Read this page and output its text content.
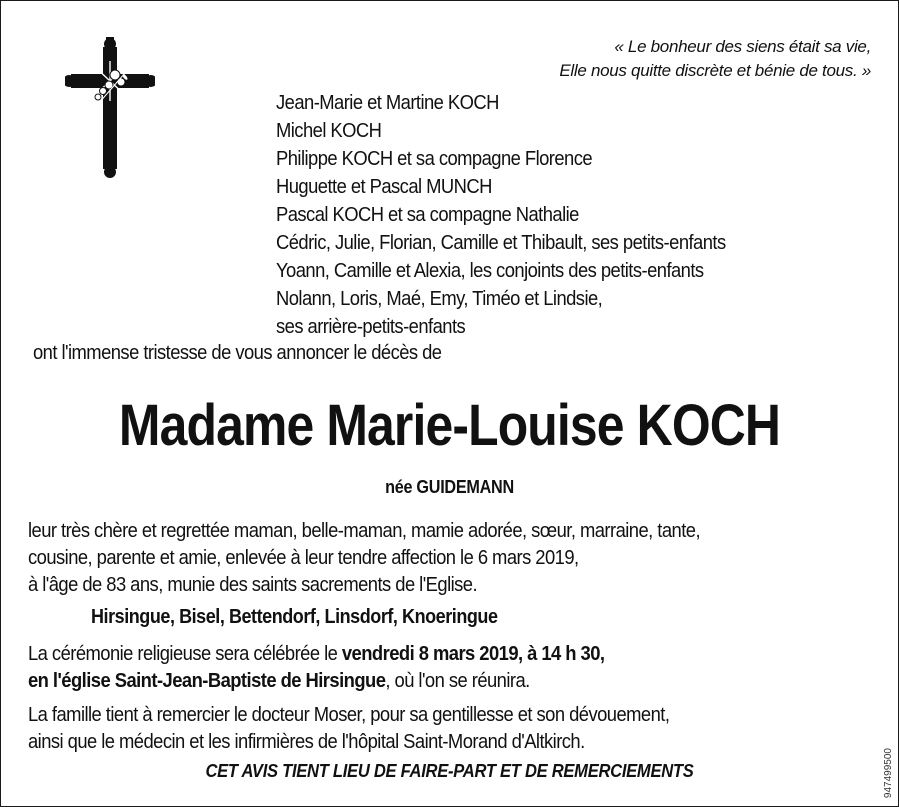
« Le bonheur des siens était sa vie,
Elle nous quitte discrète et bénie de tous. »
Jean-Marie et Martine KOCH
Michel KOCH
Philippe KOCH et sa compagne Florence
Huguette et Pascal MUNCH
Pascal KOCH et sa compagne Nathalie
Cédric, Julie, Florian, Camille et Thibault, ses petits-enfants
Yoann, Camille et Alexia, les conjoints des petits-enfants
Nolann, Loris, Maé, Emy, Timéo et Lindsie,
ses arrière-petits-enfants
ont l'immense tristesse de vous annoncer le décès de
Madame Marie-Louise KOCH
née GUIDEMANN
leur très chère et regrettée maman, belle-maman, mamie adorée, sœur, marraine, tante,
cousine, parente et amie, enlevée à leur tendre affection le 6 mars 2019,
à l'âge de 83 ans, munie des saints sacrements de l'Eglise.
Hirsingue, Bisel, Bettendorf, Linsdorf, Knoeringue
La cérémonie religieuse sera célébrée le vendredi 8 mars 2019, à 14 h 30,
en l'église Saint-Jean-Baptiste de Hirsingue, où l'on se réunira.
La famille tient à remercier le docteur Moser, pour sa gentillesse et son dévouement,
ainsi que le médecin et les infirmières de l'hôpital Saint-Morand d'Altkirch.
CET AVIS TIENT LIEU DE FAIRE-PART ET DE REMERCIEMENTS	947499500
